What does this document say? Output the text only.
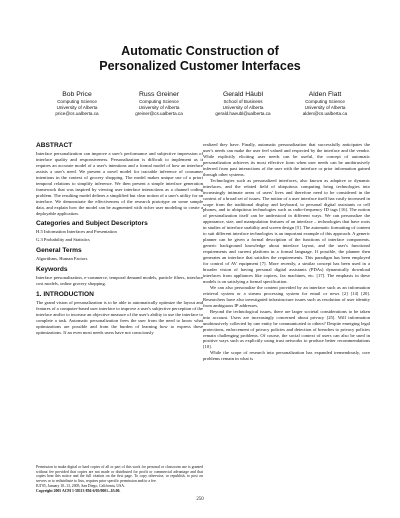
Automatic Construction of
Personalized Customer Interfaces
Bob Price
Computing Science
University of Alberta
price@cs.ualberta.ca
Russ Greiner
Computing Science
University of Alberta
greiner@cs.ualberta.ca
Gerald Häubl
School of Business
University of Alberta
gerald.haeubl@ualberta.ca
Alden Flatt
Computing Science
University of Alberta
alden@cs.ualberta.ca
ABSTRACT

Interface personalization can improve a user's performance and subjective impression of interface quality and responsiveness. Personalization is difficult to implement as it requires an accurate model of a user's intentions and a formal model of how an interface assists a user's need. We present a novel model for tractable inference of consumer intentions in the context of grocery shopping. The model makes unique use of a priori temporal relations to simplify inference. We then present a simple interface generation framework that was inspired by viewing user interface interactions as a channel coding problem. The resulting model defines a simplified but clear notion of a user's utility for an interface. We demonstrate the effectiveness of the research prototype on some sample data, and explain how the model can be augmented with richer user modeling to create a deployable application.

Categories and Subject Descriptors

H.5 Information Interfaces and Presentation

G.3 Probability and Statistics

General Terms

Algorithms, Human Factors

Keywords

Interface personalization, e-commerce, temporal demand models, particle filters, interface cost models, online grocery shopping.

1. INTRODUCTION

The grand vision of personalization is to be able to automatically optimize the layout and features of a computer-based user interface to improve a user's subjective perception of the interface and/or to increase an objective measure of the user's ability to use the interface to complete a task. Automatic personalization frees the user from the need to know what optimizations are possible and from the burden of learning how to express these optimizations. If an even most needs users have not consciously

Permission to make digital or hard copies of all or part of this work for personal or classroom use is granted without fee provided that copies are not made or distributed for profit or commercial advantage and that copies bear this notice and the full citation on the first page. To copy otherwise, or republish, to post on servers or to redistribute to lists, requires prior specific permission and/or a fee.

IUI'05, January 10–13, 2005, San Diego, California, USA.

Copyright 2005 ACM 1-58113-894-6/05/0001...$5.00.

realized they have. Finally, automatic personalization that successfully anticipates the user's needs can make the user feel valued and respected by the interface and the vendor. While explicitly eliciting user needs can be useful, the concept of automatic personalization achieves its most effective form when user needs can be unobtrusively inferred from past interactions of the user with the interface or prior information gained through other systems.

Technologies such as personalized interfaces, also known as adaptive or dynamic interfaces, and the related field of ubiquitous computing bring technologies into increasingly intimate areas of users' lives and therefore need to be considered in the context of a broad set of issues. The notion of a user interface itself has vastly increased in scope from the traditional display and keyboard, to personal digital assistants or cell phones, and to ubiquitous technologies such as radio-frequency ID tags [16]. The notion of personalization itself can be understood in different ways. We can personalize the appearance, size, and manipulation features of an interface – technologies that have roots in studies of interface usability and screen design [5]. The automatic formatting of content to suit different interface technologies is an important example of this approach. A generic planner can be given a formal description of the functions of interface components, generic background knowledge about interface layout, and the user's functional requirements and current platform in a formal language. If possible, the planner then generates an interface that satisfies the requirements. This paradigm has been employed for control of AV equipment [7]. More recently, a similar concept has been used in a broader vision of having personal digital assistants (PDAs) dynamically download interfaces from appliances like copiers, fax machines, etc. [17]. The emphasis in these models is on satisfying a formal specification.

We can also personalize the content provided by an interface such as an information retrieval system or a stream processing system for email or news [2] [14] [20]. Researchers have also investigated infrastructure issues such as resolution of user identity from ambiguous IP addresses.

Beyond the technological issues, there are larger societal considerations to be taken into account. Users are increasingly concerned about privacy [25]. Will information unobtrusively collected by one entity be communicated to others? Despite emerging legal protections, enforcement of privacy policies and detection of breaches to privacy policies remain challenging problems. Of course, the social context of users can also be used in positive ways such as explicitly using trust networks to produce better recommendations [10].

While the scope of research into personalization has expanded tremendously, core problems remain in what is

250
